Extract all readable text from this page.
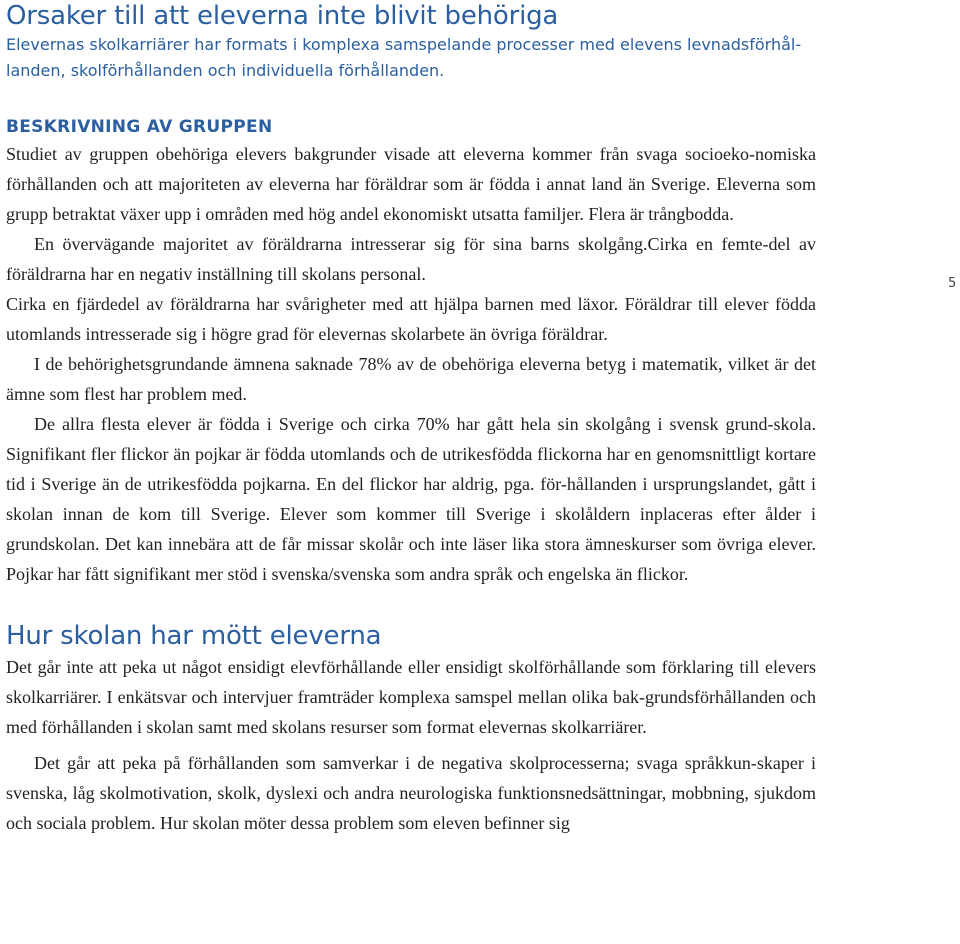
Orsaker till att eleverna inte blivit behöriga

Elevernas skolkarriärer har formats i komplexa samspelande processer med elevens levnadsförhål-landen, skolförhållanden och individuella förhållanden.

BESKRIVNING AV GRUPPEN

Studiet av gruppen obehöriga elevers bakgrunder visade att eleverna kommer från svaga socioeko-nomiska förhållanden och att majoriteten av eleverna har föräldrar som är födda i annat land än Sverige. Eleverna som grupp betraktat växer upp i områden med hög andel ekonomiskt utsatta familjer. Flera är trångbodda.

En övervägande majoritet av föräldrarna intresserar sig för sina barns skolgång.Cirka en femte-del av föräldrarna har en negativ inställning till skolans personal.

Cirka en fjärdedel av föräldrarna har svårigheter med att hjälpa barnen med läxor. Föräldrar till elever födda utomlands intresserade sig i högre grad för elevernas skolarbete än övriga föräldrar.

I de behörighetsgrundande ämnena saknade 78% av de obehöriga eleverna betyg i matematik, vilket är det ämne som flest har problem med.

De allra flesta elever är födda i Sverige och cirka 70% har gått hela sin skolgång i svensk grund-skola. Signifikant fler flickor än pojkar är födda utomlands och de utrikesfödda flickorna har en genomsnittligt kortare tid i Sverige än de utrikesfödda pojkarna. En del flickor har aldrig, pga. för-hållanden i ursprungslandet, gått i skolan innan de kom till Sverige. Elever som kommer till Sverige i skolåldern inplaceras efter ålder i grundskolan. Det kan innebära att de får missar skolår och inte läser lika stora ämneskurser som övriga elever. Pojkar har fått signifikant mer stöd i svenska/svenska som andra språk och engelska än flickor.

Hur skolan har mött eleverna

Det går inte att peka ut något ensidigt elevförhållande eller ensidigt skolförhållande som förklaring till elevers skolkarriärer. I enkätsvar och intervjuer framträder komplexa samspel mellan olika bak-grundsförhållanden och med förhållanden i skolan samt med skolans resurser som format elevernas skolkarriärer.

Det går att peka på förhållanden som samverkar i de negativa skolprocesserna; svaga språkkun-skaper i svenska, låg skolmotivation, skolk, dyslexi och andra neurologiska funktionsnedsättningar, mobbning, sjukdom och sociala problem. Hur skolan möter dessa problem som eleven befinner sig

5
